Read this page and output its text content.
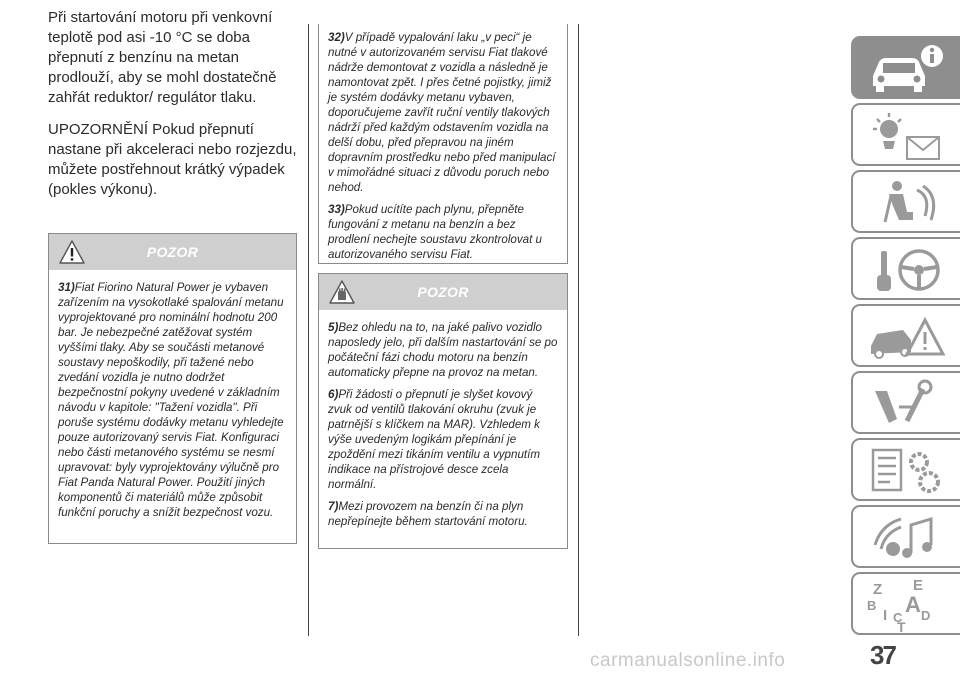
Při startování motoru při venkovní teplotě pod asi -10 °C se doba přepnutí z benzínu na metan prodlouží, aby se mohl dostatečně zahřát reduktor/ regulátor tlaku.

UPOZORNĚNÍ Pokud přepnutí nastane při akceleraci nebo rozjezdu, můžete postřehnout krátký výpadek (pokles výkonu).

POZOR

31)Fiat Fiorino Natural Power je vybaven zařízením na vysokotlaké spalování metanu vyprojektované pro nominální hodnotu 200 bar. Je nebezpečné zatěžovat systém vyššími tlaky. Aby se součásti metanové soustavy nepoškodily, při tažené nebo zvedání vozidla je nutno dodržet bezpečnostní pokyny uvedené v základním návodu v kapitole: "Tažení vozidla". Při poruše systému dodávky metanu vyhledejte pouze autorizovaný servis Fiat. Konfiguraci nebo části metanového systému se nesmí upravovat: byly vyprojektovány výlučně pro Fiat Panda Natural Power. Použití jiných komponentů či materiálů může způsobit funkční poruchy a snížit bezpečnost vozu.

32)V případě vypalování laku „v peci“ je nutné v autorizovaném servisu Fiat tlakové nádrže demontovat z vozidla a následně je namontovat zpět. I přes četné pojistky, jimiž je systém dodávky metanu vybaven, doporučujeme zavřít ruční ventily tlakových nádrží před každým odstavením vozidla na delší dobu, před přepravou na jiném dopravním prostředku nebo před manipulací v mimořádné situaci z důvodu poruch nebo nehod.

33)Pokud ucítíte pach plynu, přepněte fungování z metanu na benzín a bez prodlení nechejte soustavu zkontrolovat u autorizovaného servisu Fiat.

POZOR

5)Bez ohledu na to, na jaké palivo vozidlo naposledy jelo, při dalším nastartování se po počáteční fázi chodu motoru na benzín automaticky přepne na provoz na metan.

6)Při žádosti o přepnutí je slyšet kovový zvuk od ventilů tlakování okruhu (zvuk je patrnější s klíčkem na MAR). Vzhledem k výše uvedeným logikám přepínání je zpoždění mezi tikáním ventilu a vypnutím indikace na přístrojové desce zcela normální.

7)Mezi provozem na benzín či na plyn nepřepínejte během startování motoru.

Z E
B A
I C D
T
37
carmanualsonline.info
